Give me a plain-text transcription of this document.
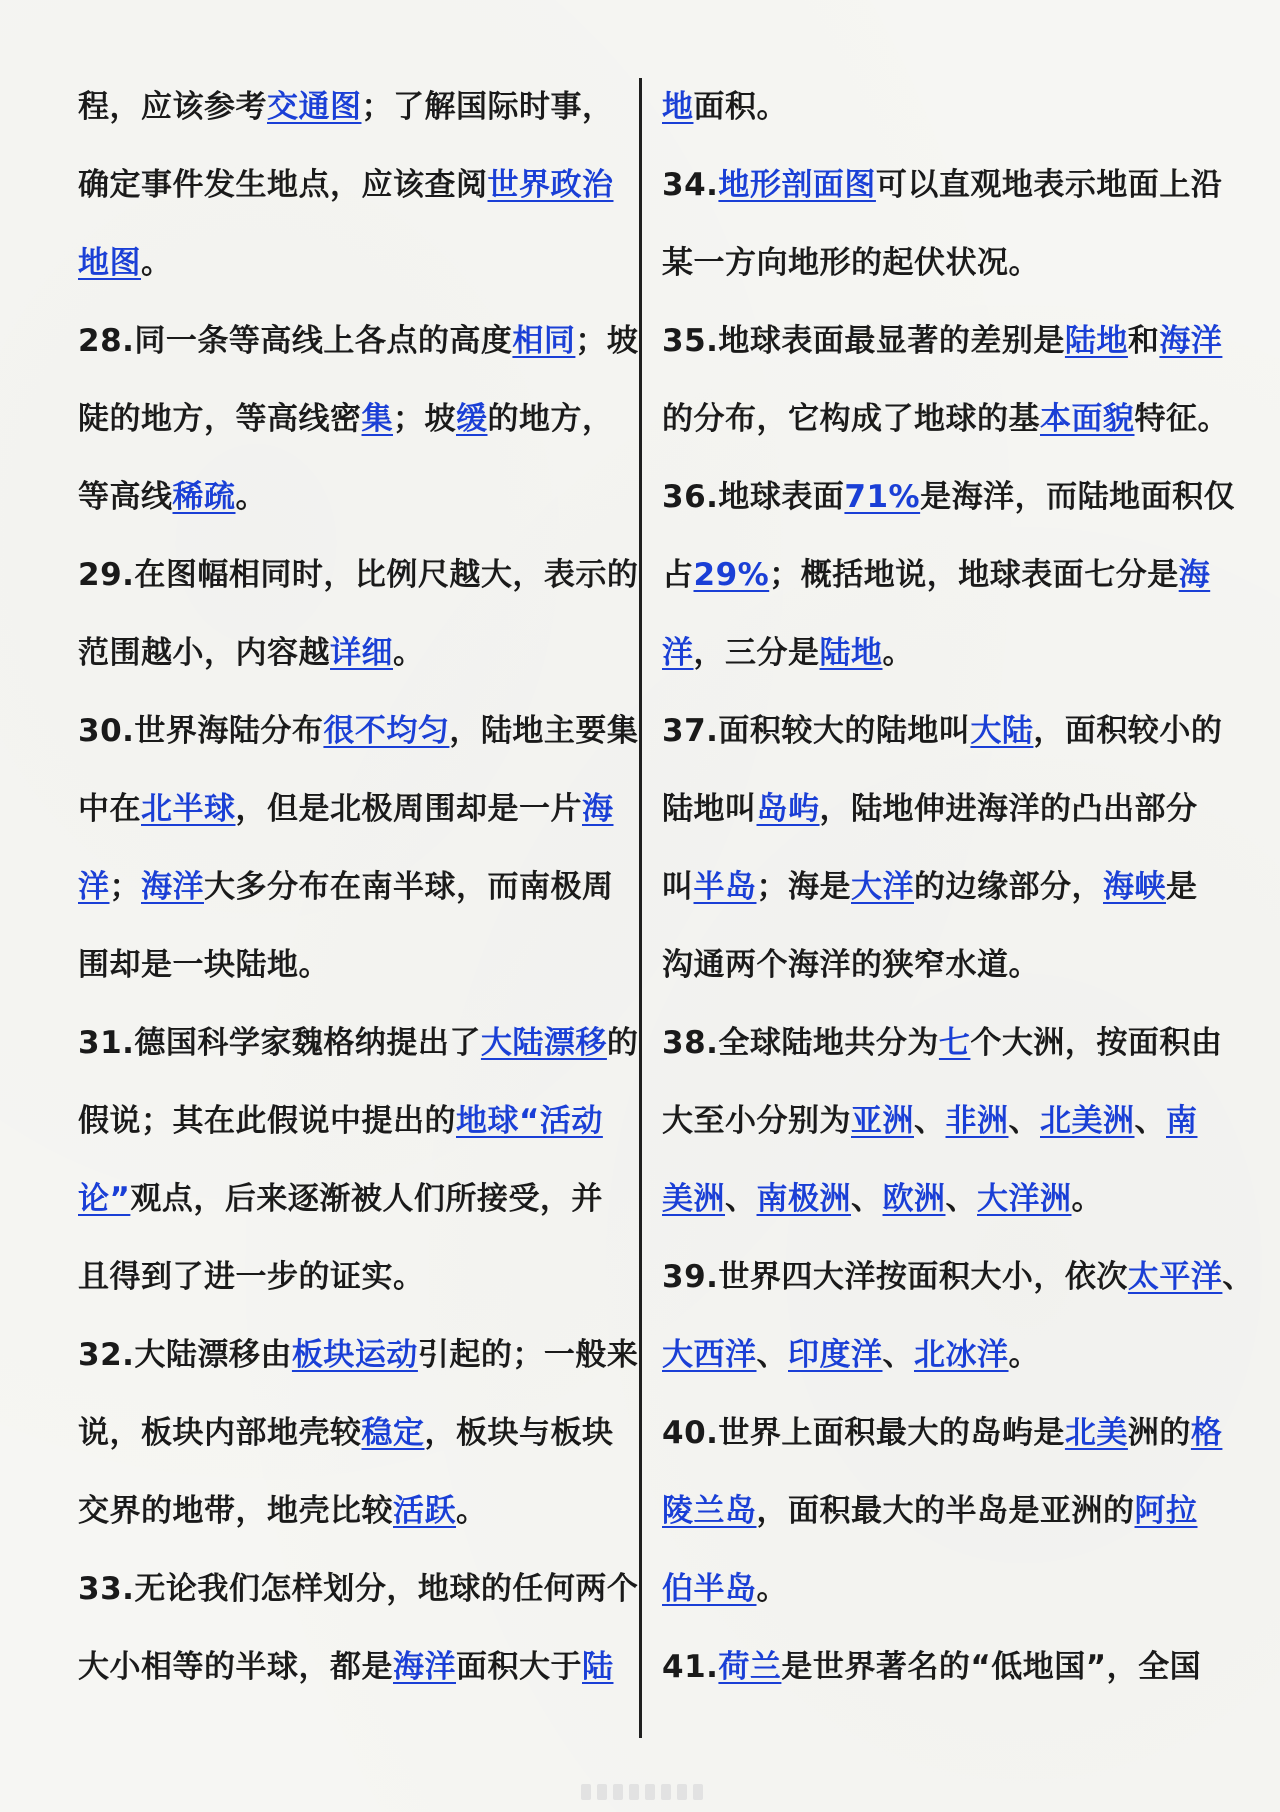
程，应该参考交通图；了解国际时事，
确定事件发生地点，应该查阅世界政治
地图。
28.同一条等高线上各点的高度相同；坡
陡的地方，等高线密集；坡缓的地方，
等高线稀疏。
29.在图幅相同时，比例尺越大，表示的
范围越小，内容越详细。
30.世界海陆分布很不均匀，陆地主要集
中在北半球，但是北极周围却是一片海
洋；海洋大多分布在南半球，而南极周
围却是一块陆地。
31.德国科学家魏格纳提出了大陆漂移的
假说；其在此假说中提出的地球“活动
论”观点，后来逐渐被人们所接受，并
且得到了进一步的证实。
32.大陆漂移由板块运动引起的；一般来
说，板块内部地壳较稳定，板块与板块
交界的地带，地壳比较活跃。
33.无论我们怎样划分，地球的任何两个
大小相等的半球，都是海洋面积大于陆
地面积。
34.地形剖面图可以直观地表示地面上沿
某一方向地形的起伏状况。
35.地球表面最显著的差别是陆地和海洋
的分布，它构成了地球的基本面貌特征。
36.地球表面71%是海洋，而陆地面积仅
占29%；概括地说，地球表面七分是海
洋，三分是陆地。
37.面积较大的陆地叫大陆，面积较小的
陆地叫岛屿，陆地伸进海洋的凸出部分
叫半岛；海是大洋的边缘部分，海峡是
沟通两个海洋的狭窄水道。
38.全球陆地共分为七个大洲，按面积由
大至小分别为亚洲、非洲、北美洲、南
美洲、南极洲、欧洲、大洋洲。
39.世界四大洋按面积大小，依次太平洋、
大西洋、印度洋、北冰洋。
40.世界上面积最大的岛屿是北美洲的格
陵兰岛，面积最大的半岛是亚洲的阿拉
伯半岛。
41.荷兰是世界著名的“低地国”，全国
